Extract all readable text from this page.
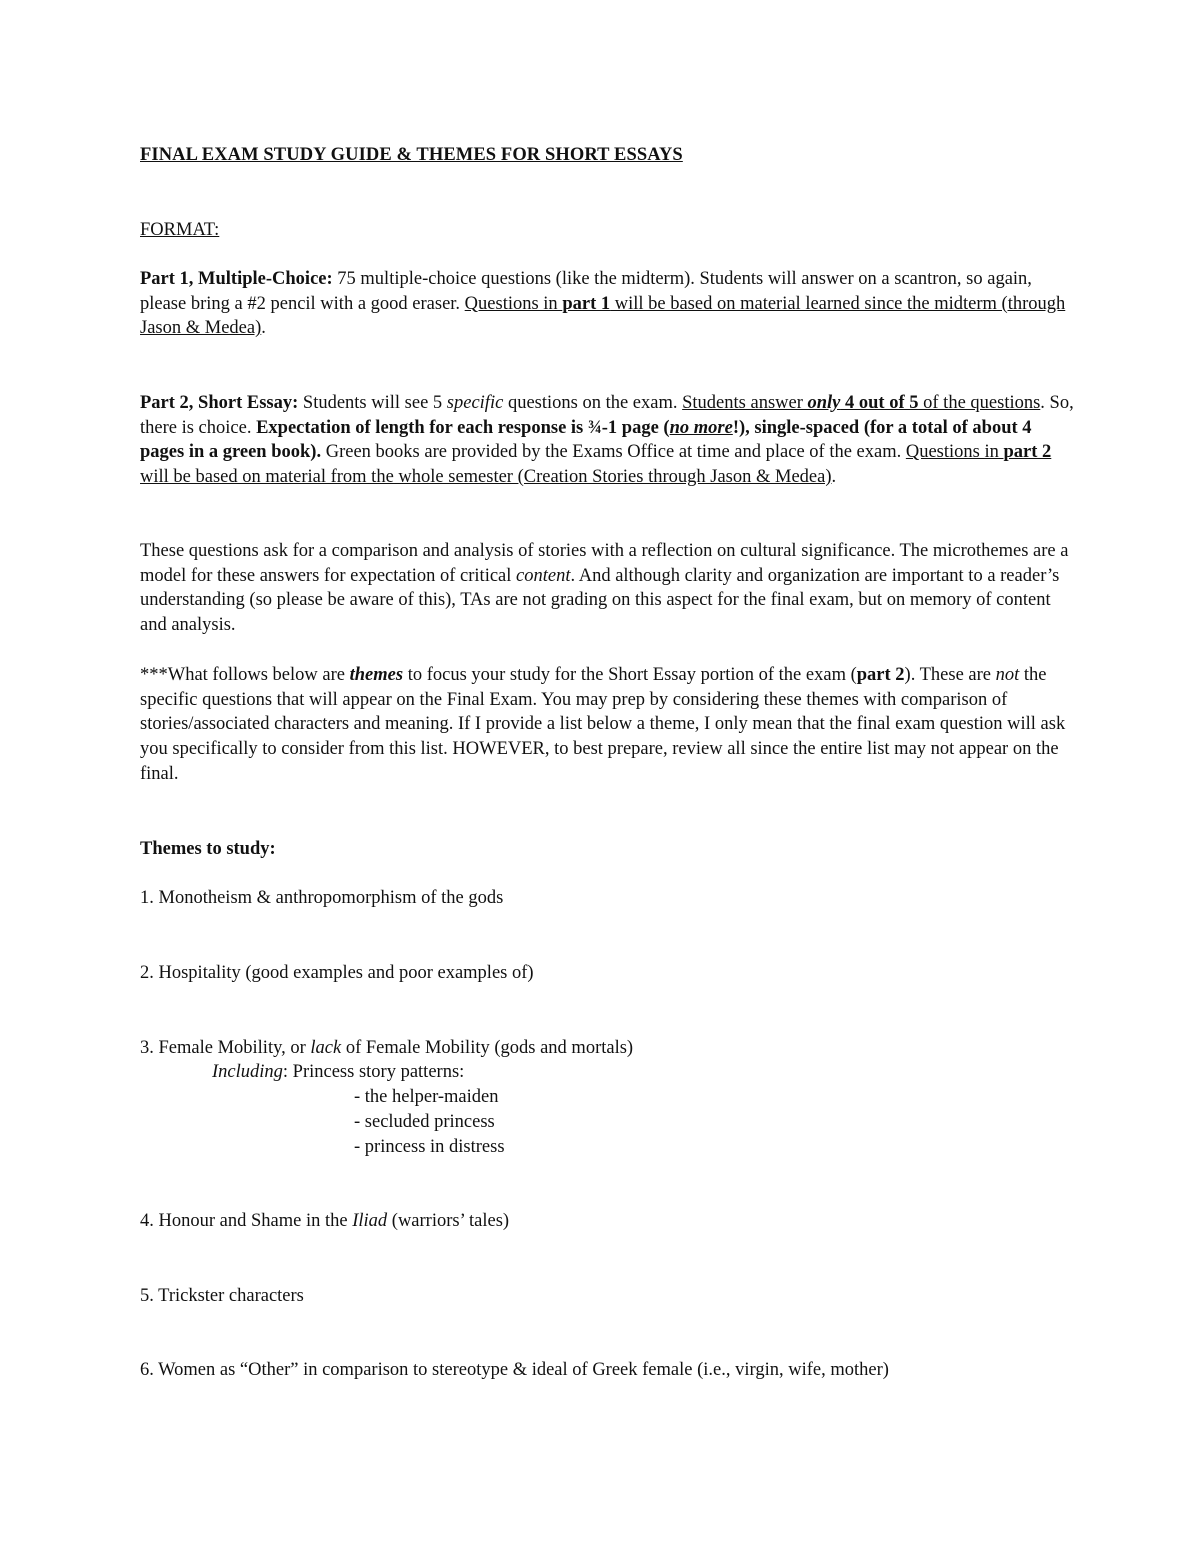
FINAL EXAM STUDY GUIDE & THEMES FOR SHORT ESSAYS

FORMAT:

Part 1, Multiple-Choice: 75 multiple-choice questions (like the midterm). Students will answer on a scantron, so again, please bring a #2 pencil with a good eraser. Questions in part 1 will be based on material learned since the midterm (through Jason & Medea).

Part 2, Short Essay: Students will see 5 specific questions on the exam. Students answer only 4 out of 5 of the questions. So, there is choice. Expectation of length for each response is ¾-1 page (no more!), single-spaced (for a total of about 4 pages in a green book). Green books are provided by the Exams Office at time and place of the exam. Questions in part 2 will be based on material from the whole semester (Creation Stories through Jason & Medea).

These questions ask for a comparison and analysis of stories with a reflection on cultural significance. The microthemes are a model for these answers for expectation of critical content. And although clarity and organization are important to a reader’s understanding (so please be aware of this), TAs are not grading on this aspect for the final exam, but on memory of content and analysis.

***What follows below are themes to focus your study for the Short Essay portion of the exam (part 2). These are not the specific questions that will appear on the Final Exam. You may prep by considering these themes with comparison of stories/associated characters and meaning. If I provide a list below a theme, I only mean that the final exam question will ask you specifically to consider from this list. HOWEVER, to best prepare, review all since the entire list may not appear on the final.

Themes to study:

1. Monotheism & anthropomorphism of the gods

2. Hospitality (good examples and poor examples of)

3. Female Mobility, or lack of Female Mobility (gods and mortals)

Including: Princess story patterns:

- the helper-maiden

- secluded princess

- princess in distress

4. Honour and Shame in the Iliad (warriors’ tales)

5. Trickster characters

6. Women as “Other” in comparison to stereotype & ideal of Greek female (i.e., virgin, wife, mother)
